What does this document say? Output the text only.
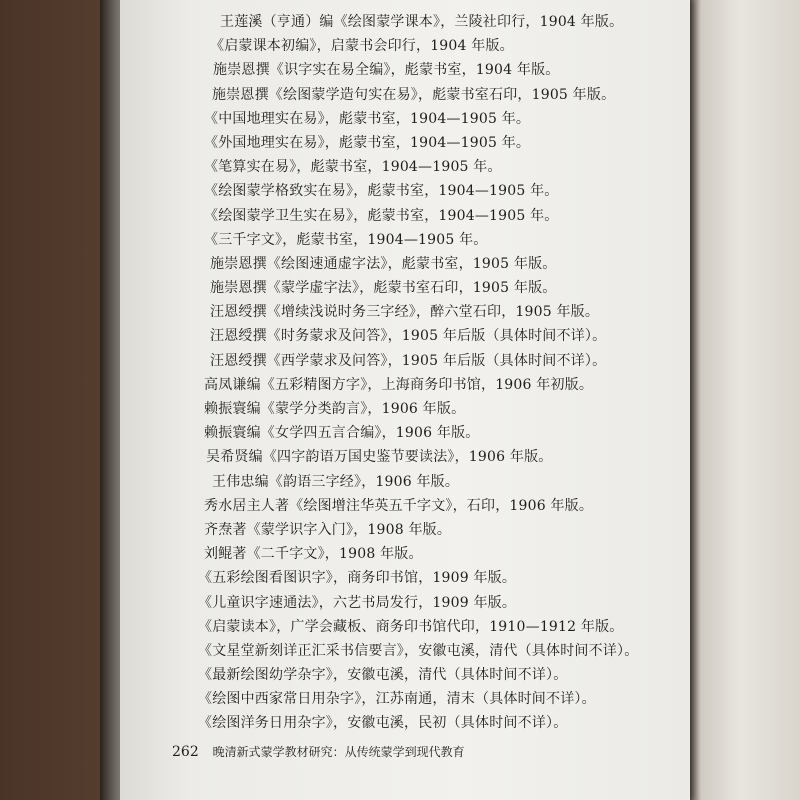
王莲溪（亨通）编《绘图蒙学课本》，兰陵社印行，1904 年版。
《启蒙课本初编》，启蒙书会印行，1904 年版。
施崇恩撰《识字实在易全编》，彪蒙书室，1904 年版。
施崇恩撰《绘图蒙学造句实在易》，彪蒙书室石印，1905 年版。
《中国地理实在易》，彪蒙书室，1904—1905 年。
《外国地理实在易》，彪蒙书室，1904—1905 年。
《笔算实在易》，彪蒙书室，1904—1905 年。
《绘图蒙学格致实在易》，彪蒙书室，1904—1905 年。
《绘图蒙学卫生实在易》，彪蒙书室，1904—1905 年。
《三千字文》，彪蒙书室，1904—1905 年。
施崇恩撰《绘图速通虚字法》，彪蒙书室，1905 年版。
施崇恩撰《蒙学虚字法》，彪蒙书室石印，1905 年版。
汪恩绶撰《增续浅说时务三字经》，醉六堂石印，1905 年版。
汪恩绶撰《时务蒙求及问答》，1905 年后版（具体时间不详）。
汪恩绶撰《西学蒙求及问答》，1905 年后版（具体时间不详）。
高凤谦编《五彩精图方字》，上海商务印书馆，1906 年初版。
赖振寰编《蒙学分类韵言》，1906 年版。
赖振寰编《女学四五言合编》，1906 年版。
吴希贤编《四字韵语万国史鉴节要读法》，1906 年版。
王伟忠编《韵语三字经》，1906 年版。
秀水居主人著《绘图增注华英五千字文》，石印，1906 年版。
齐焘著《蒙学识字入门》，1908 年版。
刘鲲著《二千字文》，1908 年版。
《五彩绘图看图识字》，商务印书馆，1909 年版。
《儿童识字速通法》，六艺书局发行，1909 年版。
《启蒙读本》，广学会藏板、商务印书馆代印，1910—1912 年版。
《文星堂新刻详正汇采书信要言》，安徽屯溪，清代（具体时间不详）。
《最新绘图幼学杂字》，安徽屯溪，清代（具体时间不详）。
《绘图中西家常日用杂字》，江苏南通，清末（具体时间不详）。
《绘图洋务日用杂字》，安徽屯溪，民初（具体时间不详）。
262 晚清新式蒙学教材研究：从传统蒙学到现代教育
